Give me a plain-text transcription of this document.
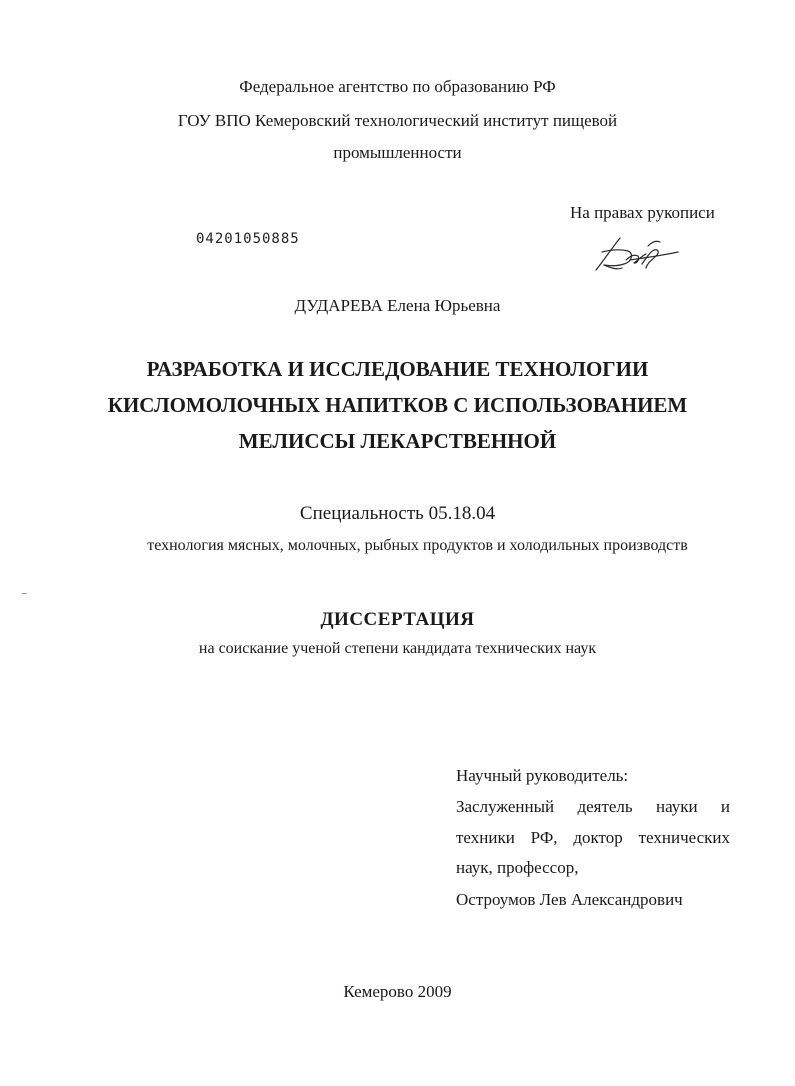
Федеральное агентство по образованию РФ
ГОУ ВПО Кемеровский технологический институт пищевой
промышленности
На правах рукописи
04201050885
ДУДАРЕВА Елена Юрьевна
РАЗРАБОТКА И ИССЛЕДОВАНИЕ ТЕХНОЛОГИИ
КИСЛОМОЛОЧНЫХ НАПИТКОВ С ИСПОЛЬЗОВАНИЕМ
МЕЛИССЫ ЛЕКАРСТВЕННОЙ
Специальность 05.18.04
технология мясных, молочных, рыбных продуктов и холодильных производств
ДИССЕРТАЦИЯ
на соискание ученой степени кандидата технических наук
Научный руководитель:
Заслуженный деятель науки и
техники РФ, доктор технических
наук, профессор,
Остроумов Лев Александрович
Кемерово 2009
